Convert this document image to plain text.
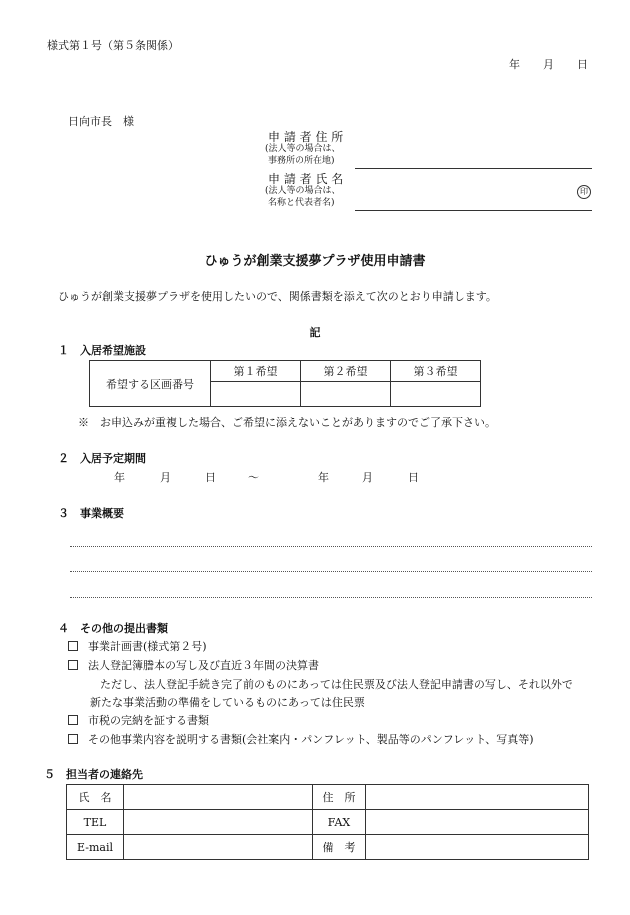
様式第１号（第５条関係）
年 月 日
日向市長　様
申 請 者 住 所
(法人等の場合は、
事務所の所在地)
申 請 者 氏 名
(法人等の場合は、
名称と代表者名)
印
ひゅうが創業支援夢プラザ使用申請書
ひゅうが創業支援夢プラザを使用したいので、関係書類を添えて次のとおり申請します。
記
１　入居希望施設
希望する区画番号	第１希望	第２希望	第３希望

※　お申込みが重複した場合、ご希望に添えないことがありますのでご了承下さい。
２　入居予定期間
年	月	日	～	年	月	日
３　事業概要
４　その他の提出書類
事業計画書(様式第２号)
法人登記簿謄本の写し及び直近３年間の決算書
ただし、法人登記手続き完了前のものにあっては住民票及び法人登記申請書の写し、それ以外で
新たな事業活動の準備をしているものにあっては住民票
市税の完納を証する書類
その他事業内容を説明する書類(会社案内・パンフレット、製品等のパンフレット、写真等)
５　担当者の連絡先
氏　名		住　所	
TEL		FAX	
E-mail		備　考	
